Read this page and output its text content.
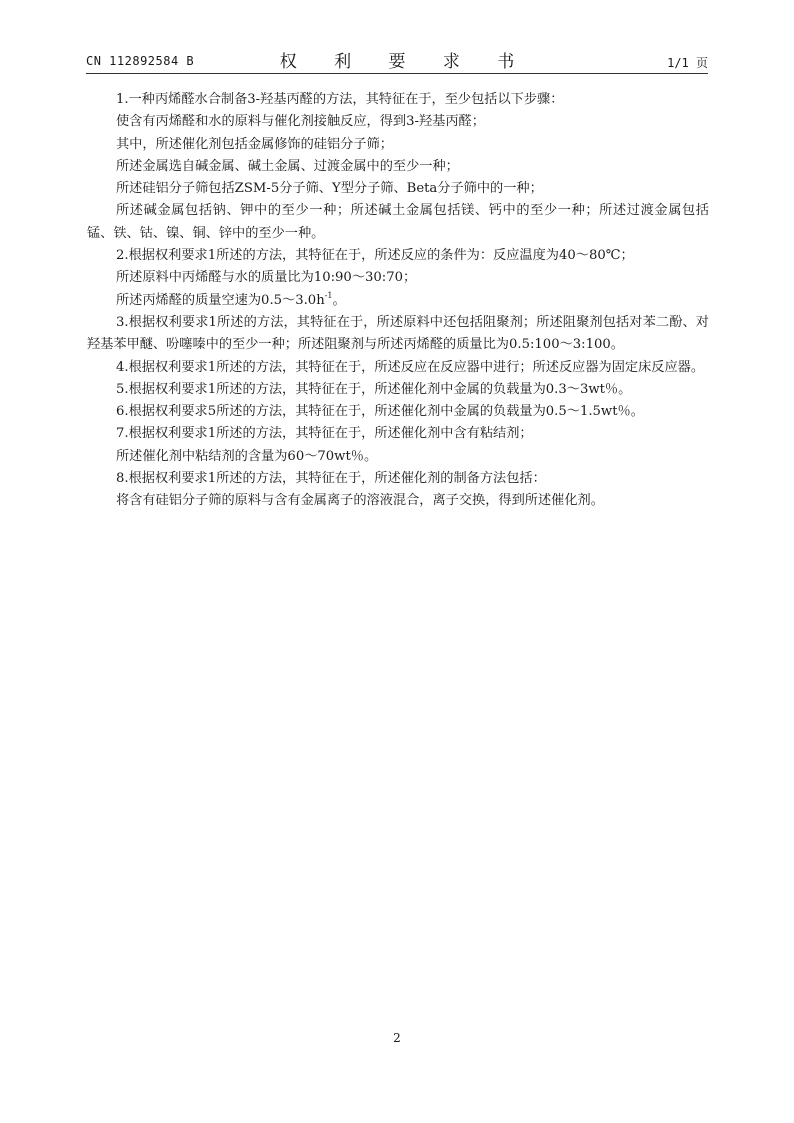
CN 112892584 B	权 利 要 求 书	1/1 页

1.一种丙烯醛水合制备3-羟基丙醛的方法，其特征在于，至少包括以下步骤：

使含有丙烯醛和水的原料与催化剂接触反应，得到3-羟基丙醛；

其中，所述催化剂包括金属修饰的硅铝分子筛；

所述金属选自碱金属、碱土金属、过渡金属中的至少一种；

所述硅铝分子筛包括ZSM-5分子筛、Y型分子筛、Beta分子筛中的一种；

所述碱金属包括钠、钾中的至少一种；所述碱土金属包括镁、钙中的至少一种；所述过渡金属包括锰、铁、钴、镍、铜、锌中的至少一种。

2.根据权利要求1所述的方法，其特征在于，所述反应的条件为：反应温度为40～80℃；

所述原料中丙烯醛与水的质量比为10:90～30:70；

所述丙烯醛的质量空速为$0.5\sim 3.0h^{-1}$。

3.根据权利要求1所述的方法，其特征在于，所述原料中还包括阻聚剂；所述阻聚剂包括对苯二酚、对羟基苯甲醚、吩噻嗪中的至少一种；所述阻聚剂与所述丙烯醛的质量比为0.5:100～3:100。

4.根据权利要求1所述的方法，其特征在于，所述反应在反应器中进行；所述反应器为固定床反应器。

5.根据权利要求1所述的方法，其特征在于，所述催化剂中金属的负载量为0.3～3wt％。

6.根据权利要求5所述的方法，其特征在于，所述催化剂中金属的负载量为0.5～1.5wt％。

7.根据权利要求1所述的方法，其特征在于，所述催化剂中含有粘结剂；

所述催化剂中粘结剂的含量为60～70wt％。

8.根据权利要求1所述的方法，其特征在于，所述催化剂的制备方法包括：

将含有硅铝分子筛的原料与含有金属离子的溶液混合，离子交换，得到所述催化剂。

2
